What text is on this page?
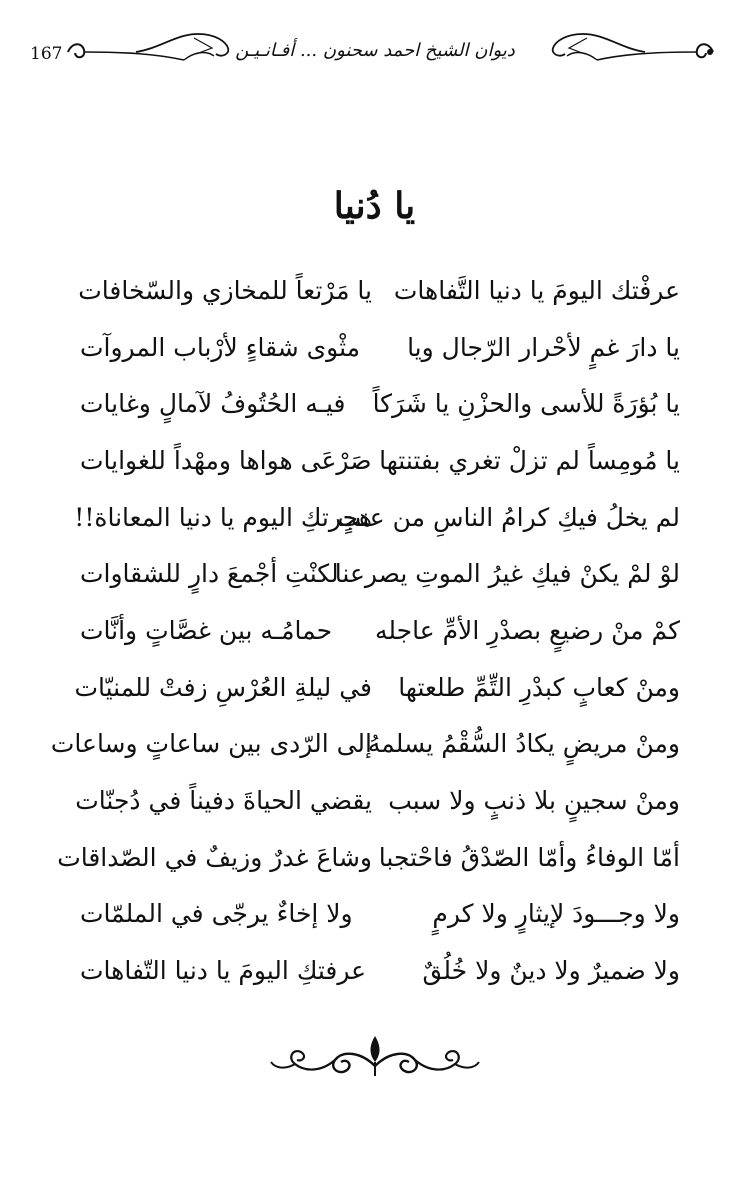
167	ديوان الشيخ احمد سحنون ... أفـانـيـن
يا دُنيا
عرفْتك اليومَ يا دنيا التَّفاهات
يا مَرْتعاً للمخازي والسّخافات
يا دارَ غمٍ لأحْرار الرّجال ويا
مثْوى شقاءٍ لأرْباب المروآت
يا بُؤرَةً للأسى والحزْنِ يا شَرَكاً
فيـه الحُتُوفُ لآمالٍ وغايات
يا مُومِساً لم تزلْ تغري بفتنتها
صَرْعَى هواها ومهْداً للغوايات
لم يخلُ فيكِ كرامُ الناسِ من عنتٍ
هجرتكِ اليوم يا دنيا المعاناة!!
لوْ لمْ يكنْ فيكِ غيرُ الموتِ يصرعنا
لكنْتِ أجْمعَ دارٍ للشقاوات
كمْ منْ رضيعٍ بصدْرِ الأمِّ عاجله
حمامُـه بين غصَّاتٍ وأنَّات
ومنْ كعابٍ كبدْرِ التِّمِّ طلعتها
في ليلةِ العُرْسِ زفتْ للمنيّات
ومنْ مريضٍ يكادُ السُّقْمُ يسلمهُ
إلى الرّدى بين ساعاتٍ وساعات
ومنْ سجينٍ بلا ذنبٍ ولا سبب
يقضي الحياةَ دفيناً في دُجنّات
أمّا الوفاءُ وأمّا الصّدْقُ فاحْتجبا
وشاعَ غدرٌ وزيفٌ في الصّداقات
ولا وجـــودَ لإيثارٍ ولا كرمٍ
ولا إخاءٌ يرجّى في الملمّات
ولا ضميرٌ ولا دينٌ ولا خُلُقٌ
عرفتكِ اليومَ يا دنيا التّفاهات
